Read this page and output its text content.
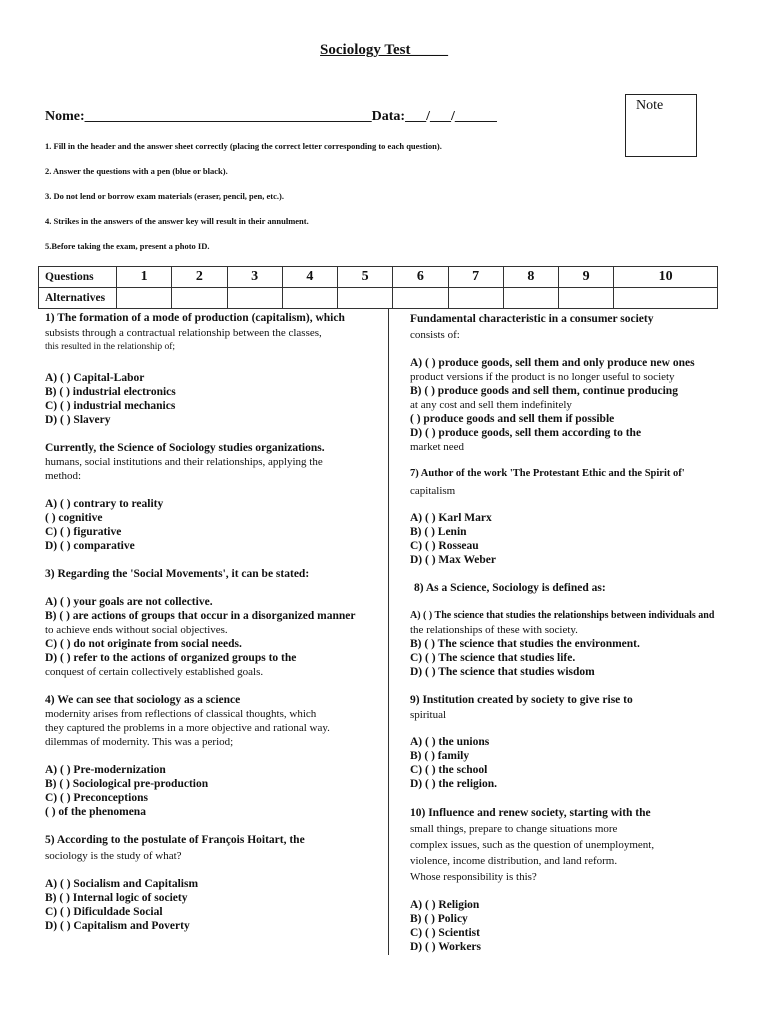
Sociology Test_____
Nome:_________________________________________Data:___/___/______
Note
1. Fill in the header and the answer sheet correctly (placing the correct letter corresponding to each question).
2. Answer the questions with a pen (blue or black).
3. Do not lend or borrow exam materials (eraser, pencil, pen, etc.).
4. Strikes in the answers of the answer key will result in their annulment.
5.Before taking the exam, present a photo ID.
Questions	1	2	3	4	5	6	7	8	9	10
Alternatives										
1) The formation of a mode of production (capitalism), which
subsists through a contractual relationship between the classes,
this resulted in the relationship of;
A) ( ) Capital-Labor
B) ( ) industrial electronics
C) ( ) industrial mechanics
D) ( ) Slavery
Currently, the Science of Sociology studies organizations.
humans, social institutions and their relationships, applying the
method:
A) ( ) contrary to reality
( ) cognitive
C) ( ) figurative
D) ( ) comparative
3) Regarding the 'Social Movements', it can be stated:
A) ( ) your goals are not collective.
B) ( ) are actions of groups that occur in a disorganized manner
to achieve ends without social objectives.
C) ( ) do not originate from social needs.
D) ( ) refer to the actions of organized groups to the
conquest of certain collectively established goals.
4) We can see that sociology as a science
modernity arises from reflections of classical thoughts, which
they captured the problems in a more objective and rational way.
dilemmas of modernity. This was a period;
A) ( ) Pre-modernization
B) ( ) Sociological pre-production
C) ( ) Preconceptions
( ) of the phenomena
5) According to the postulate of François Hoitart, the
sociology is the study of what?
A) ( ) Socialism and Capitalism
B) ( ) Internal logic of society
C) ( ) Dificuldade Social
D) ( ) Capitalism and Poverty
Fundamental characteristic in a consumer society
consists of:
A) ( ) produce goods, sell them and only produce new ones
product versions if the product is no longer useful to society
B) ( ) produce goods and sell them, continue producing
at any cost and sell them indefinitely
( ) produce goods and sell them if possible
D) ( ) produce goods, sell them according to the
market need
7) Author of the work 'The Protestant Ethic and the Spirit of'
capitalism
A) ( ) Karl Marx
B) ( ) Lenin
C) ( ) Rosseau
D) ( ) Max Weber
8) As a Science, Sociology is defined as:
A) ( ) The science that studies the relationships between individuals and
the relationships of these with society.
B) ( ) The science that studies the environment.
C) ( ) The science that studies life.
D) ( ) The science that studies wisdom
9) Institution created by society to give rise to
spiritual
A) ( ) the unions
B) ( ) family
C) ( ) the school
D) ( ) the religion.
10) Influence and renew society, starting with the
small things, prepare to change situations more
complex issues, such as the question of unemployment,
violence, income distribution, and land reform.
Whose responsibility is this?
A) ( ) Religion
B) ( ) Policy
C) ( ) Scientist
D) ( ) Workers
